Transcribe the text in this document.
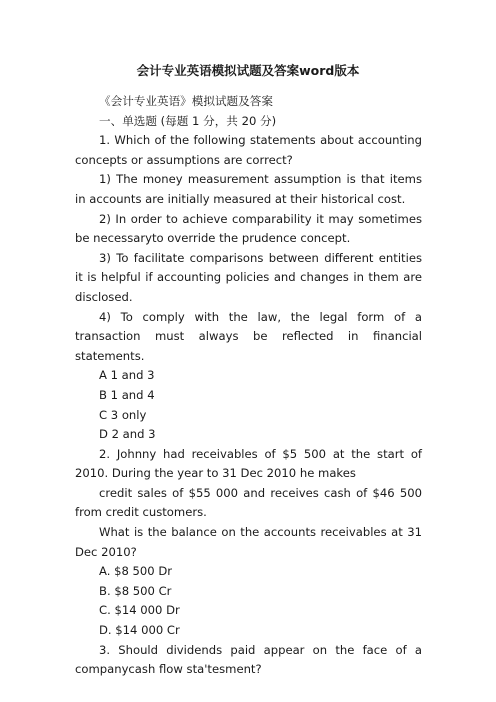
会计专业英语模拟试题及答案word版本

《会计专业英语》模拟试题及答案

一、单选题 (每题 1 分，共 20 分)

1. Which of the following statements about accounting concepts or assumptions are correct?

1) The money measurement assumption is that items in accounts are initially measured at their historical cost.

2) In order to achieve comparability it may sometimes be necessaryto override the prudence concept.

3) To facilitate comparisons between different entities it is helpful if accounting policies and changes in them are disclosed.

4) To comply with the law, the legal form of a transaction must always be reflected in financial statements.

A 1 and 3

B 1 and 4

C 3 only

D 2 and 3

2. Johnny had receivables of $5 500 at the start of 2010. During the year to 31 Dec 2010 he makes

credit sales of $55 000 and receives cash of $46 500 from credit customers.

What is the balance on the accounts receivables at 31 Dec 2010?

A. $8 500 Dr

B. $8 500 Cr

C. $14 000 Dr

D. $14 000 Cr

3. Should dividends paid appear on the face of a companycash flow sta'tesment?
